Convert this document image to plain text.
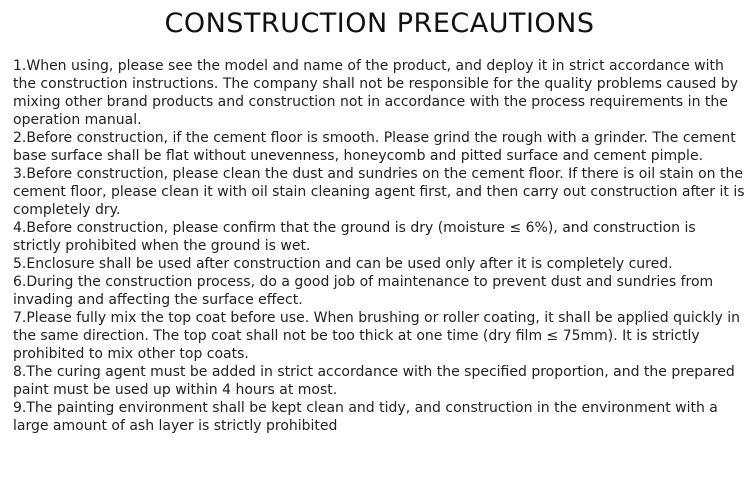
CONSTRUCTION PRECAUTIONS
1.When using, please see the model and name of the product, and deploy it in strict accordance with the construction instructions. The company shall not be responsible for the quality problems caused by mixing other brand products and construction not in accordance with the process requirements in the operation manual.
2.Before construction, if the cement floor is smooth. Please grind the rough with a grinder. The cement base surface shall be flat without unevenness, honeycomb and pitted surface and cement pimple.
3.Before construction, please clean the dust and sundries on the cement floor. If there is oil stain on the cement floor, please clean it with oil stain cleaning agent first, and then carry out construction after it is completely dry.
4.Before construction, please confirm that the ground is dry (moisture ≤ 6%), and construction is strictly prohibited when the ground is wet.
5.Enclosure shall be used after construction and can be used only after it is completely cured.
6.During the construction process, do a good job of maintenance to prevent dust and sundries from invading and affecting the surface effect.
7.Please fully mix the top coat before use. When brushing or roller coating, it shall be applied quickly in the same direction. The top coat shall not be too thick at one time (dry film ≤ 75mm). It is strictly prohibited to mix other top coats.
8.The curing agent must be added in strict accordance with the specified proportion, and the prepared paint must be used up within 4 hours at most.
9.The painting environment shall be kept clean and tidy, and construction in the environment with a large amount of ash layer is strictly prohibited
